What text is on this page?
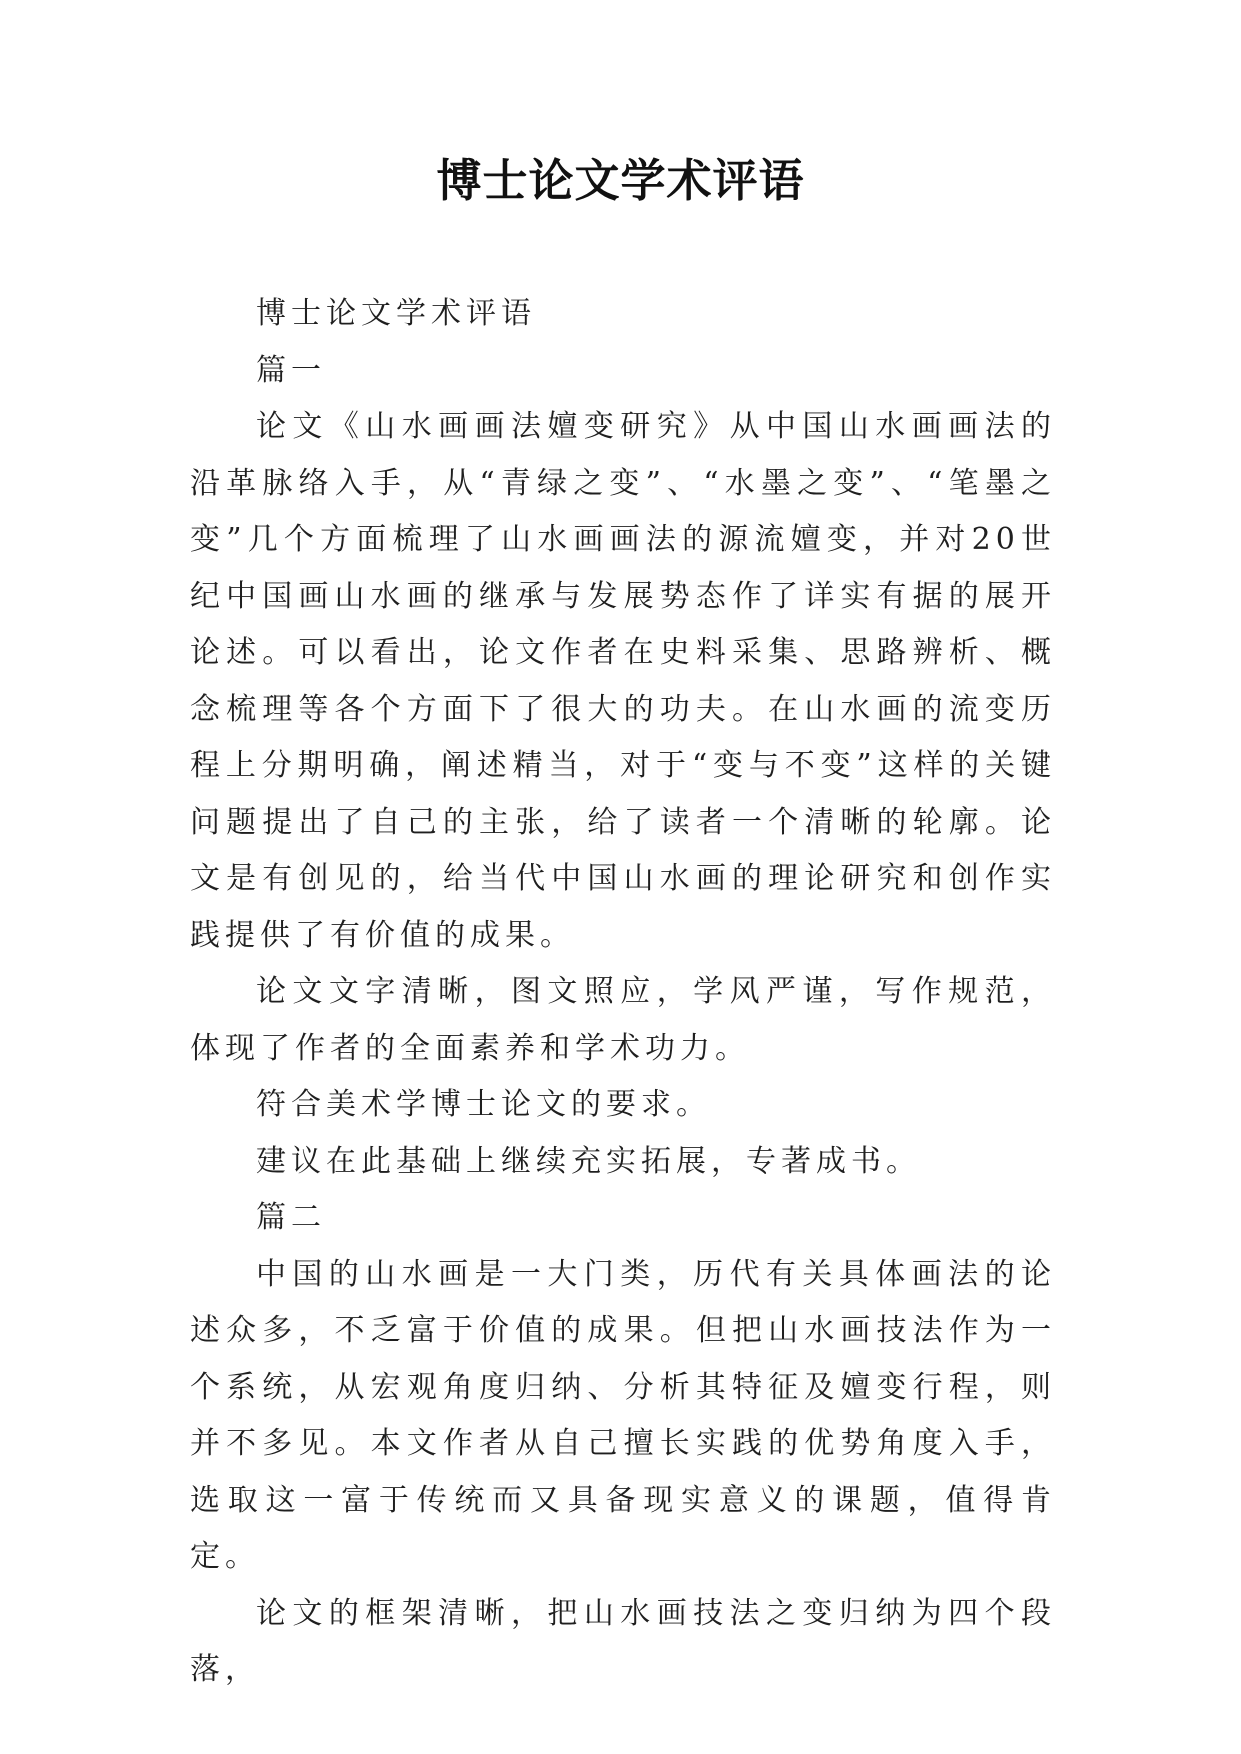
博士论文学术评语

博士论文学术评语

篇一

论文《山水画画法嬗变研究》从中国山水画画法的沿革脉络入手，从“青绿之变”、“水墨之变”、“笔墨之变”几个方面梳理了山水画画法的源流嬗变，并对20世纪中国画山水画的继承与发展势态作了详实有据的展开论述。可以看出，论文作者在史料采集、思路辨析、概念梳理等各个方面下了很大的功夫。在山水画的流变历程上分期明确，阐述精当，对于“变与不变”这样的关键问题提出了自己的主张，给了读者一个清晰的轮廓。论文是有创见的，给当代中国山水画的理论研究和创作实践提供了有价值的成果。

论文文字清晰，图文照应，学风严谨，写作规范，体现了作者的全面素养和学术功力。

符合美术学博士论文的要求。

建议在此基础上继续充实拓展，专著成书。

篇二

中国的山水画是一大门类，历代有关具体画法的论述众多，不乏富于价值的成果。但把山水画技法作为一个系统，从宏观角度归纳、分析其特征及嬗变行程，则并不多见。本文作者从自己擅长实践的优势角度入手，选取这一富于传统而又具备现实意义的课题，值得肯定。

论文的框架清晰，把山水画技法之变归纳为四个段落，
